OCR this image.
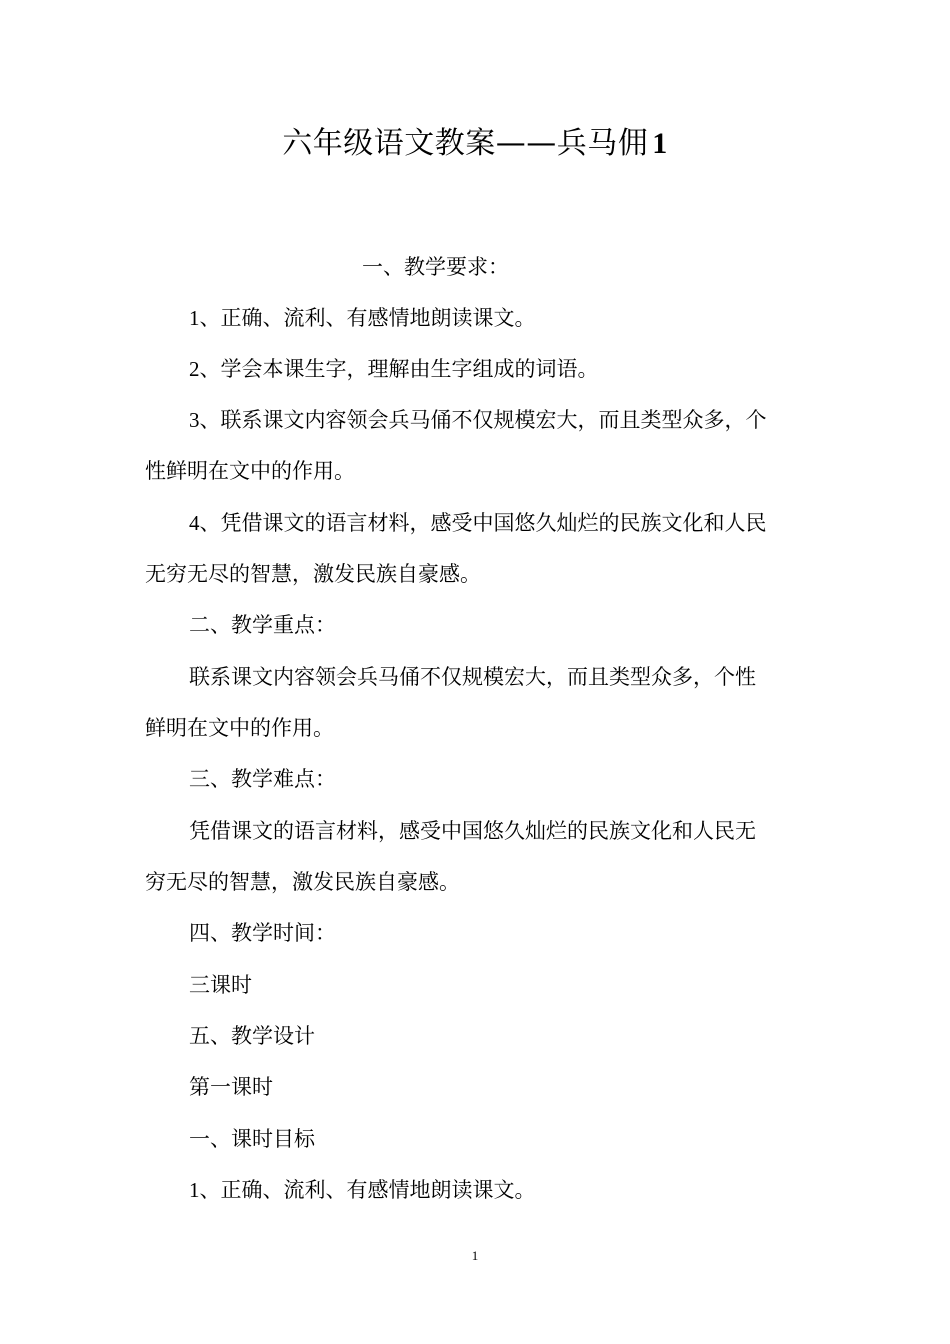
六年级语文教案——兵马佣 1

一、教学要求：

1、正确、流利、有感情地朗读课文。

2、学会本课生字，理解由生字组成的词语。

3、联系课文内容领会兵马俑不仅规模宏大，而且类型众多，个

性鲜明在文中的作用。

4、凭借课文的语言材料，感受中国悠久灿烂的民族文化和人民

无穷无尽的智慧，激发民族自豪感。

二、教学重点：

联系课文内容领会兵马俑不仅规模宏大，而且类型众多，个性

鲜明在文中的作用。

三、教学难点：

凭借课文的语言材料，感受中国悠久灿烂的民族文化和人民无

穷无尽的智慧，激发民族自豪感。

四、教学时间：

三课时

五、教学设计

第一课时

一、课时目标

1、正确、流利、有感情地朗读课文。

1
